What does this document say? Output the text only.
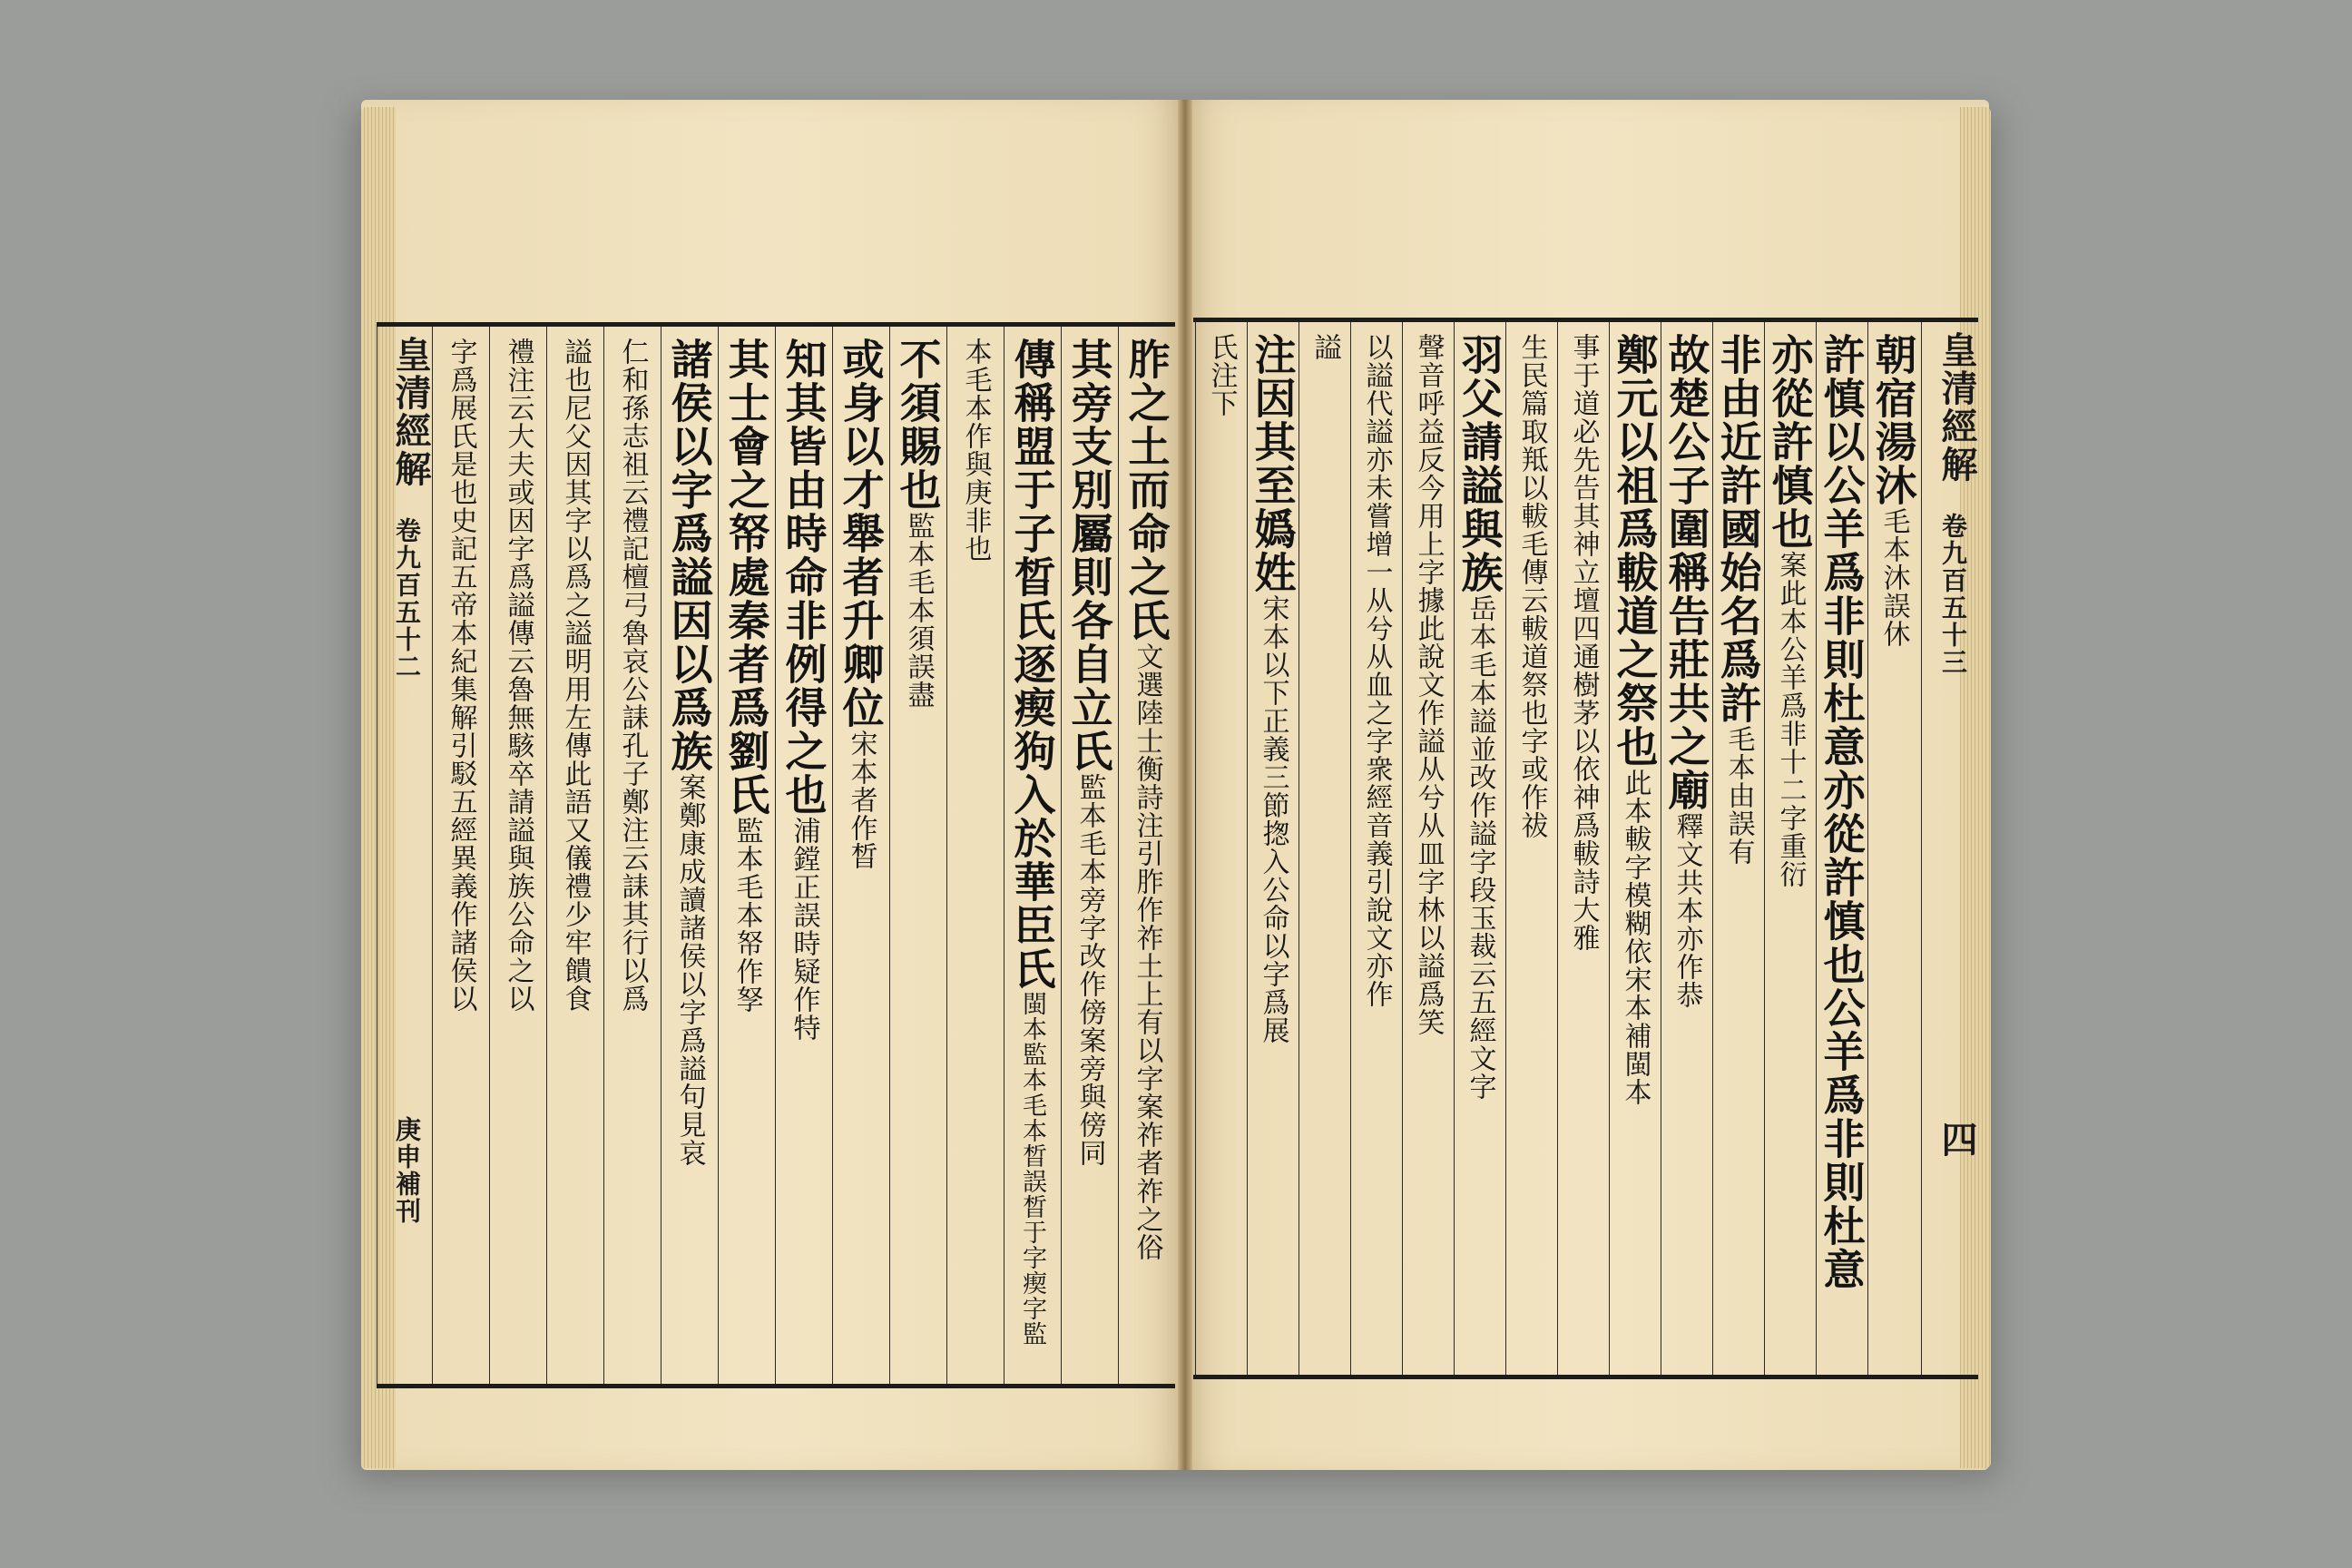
皇清經解
卷九百五十二
庚申補刊
胙之土而命之氏
文選陸士衡詩注引胙作祚土上有以字案祚者祚之俗
其旁支別屬則各自立氏
監本毛本旁字改作傍案旁與傍同
傳稱盟于子晳氏逐瘈狗入於華臣氏
閩本監本毛本晳誤晳于字瘈字監
本毛本作與庚非也
不須賜也
監本毛本須誤盡
或身以才舉者升卿位
宋本者作晳
知其皆由時命非例得之也
浦鏜正誤時疑作特
其士會之帑處秦者爲劉氏
監本毛本帑作孥
諸侯以字爲謚因以爲族
案鄭康成讀諸侯以字爲謚句見哀
仁和孫志祖云禮記檀弓魯哀公誄孔子鄭注云誄其行以爲
謚也尼父因其字以爲之謚明用左傳此語又儀禮少牢饋食
禮注云大夫或因字爲謚傳云魯無駭卒請謚與族公命之以
字爲展氏是也史記五帝本紀集解引駁五經異義作諸侯以	朝宿湯沐
毛本沐誤休
許慎以公羊爲非則杜意亦從許慎也公羊爲非則杜意
亦從許慎也
案此本公羊爲非十二字重衍
非由近許國始名爲許
毛本由誤有
故楚公子圍稱告莊共之廟
釋文共本亦作恭
鄭元以祖爲軷道之祭也
此本軷字模糊依宋本補閩本
事于道必先告其神立壇四通樹茅以依神爲軷詩大雅
生民篇取羝以軷毛傳云軷道祭也字或作祓
羽父請謚與族
岳本毛本謚並改作謚字段玉裁云五經文字
聲音呼益反今用上字據此說文作謚从兮从皿字林以謚爲笑
以謚代謚亦未嘗增一从兮从血之字衆經音義引說文亦作
謚
注因其至嬀姓
宋本以下正義三節揔入公命以字爲展
氏注下	皇清經解
卷九百五十三
四
